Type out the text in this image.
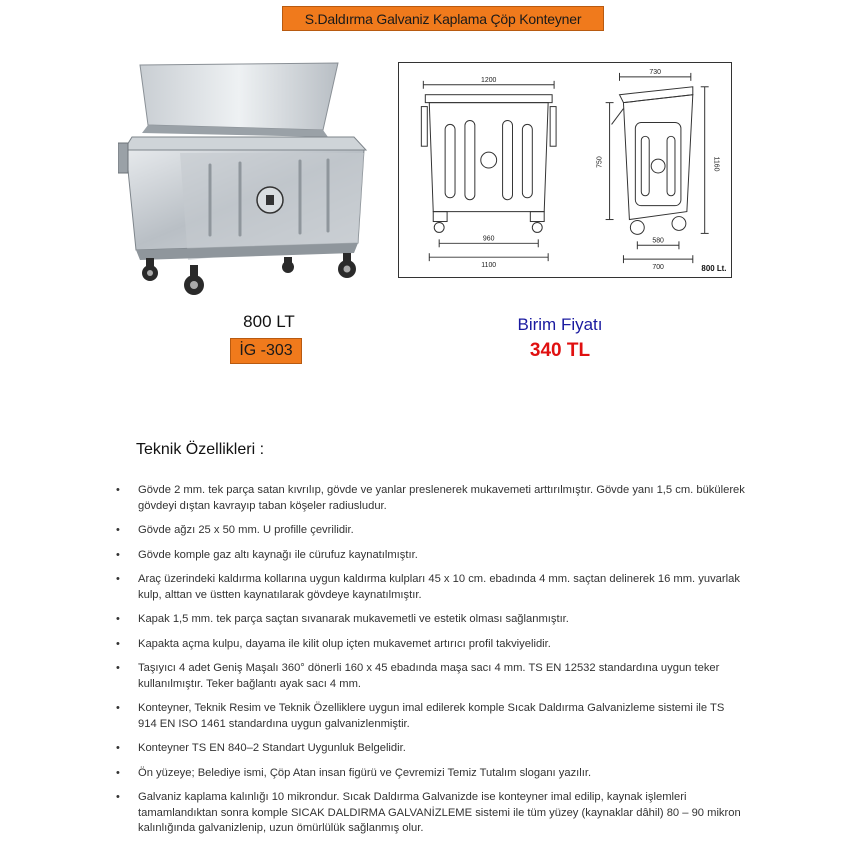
S.Daldırma Galvaniz Kaplama Çöp Konteyner
1200
960
1100
730
1160
750
580
700	800 Lt.
800 LT
İG -303
Birim Fiyatı
340 TL
Teknik Özellikleri :
• Gövde 2 mm. tek parça satan kıvrılıp, gövde ve yanlar preslenerek mukavemeti arttırılmıştır. Gövde yanı 1,5 cm. bükülerek gövdeyi dıştan kavrayıp taban köşeler radiusludur.
• Gövde ağzı 25 x 50 mm. U profille çevrilidir.
• Gövde komple gaz altı kaynağı ile cürufuz kaynatılmıştır.
• Araç üzerindeki kaldırma kollarına uygun kaldırma kulpları 45 x 10 cm. ebadında 4 mm. saçtan delinerek 16 mm. yuvarlak kulp, alttan ve üstten kaynatılarak gövdeye kaynatılmıştır.
• Kapak 1,5 mm. tek parça saçtan sıvanarak mukavemetli ve estetik olması sağlanmıştır.
• Kapakta açma kulpu, dayama ile kilit olup içten mukavemet artırıcı profil takviyelidir.
• Taşıyıcı 4 adet Geniş Maşalı 360° dönerli 160 x 45 ebadında maşa sacı 4 mm. TS EN 12532 standardına uygun teker kullanılmıştır. Teker bağlantı ayak sacı 4 mm.
• Konteyner, Teknik Resim ve Teknik Özelliklere uygun imal edilerek komple Sıcak Daldırma Galvanizleme sistemi ile TS 914 EN ISO 1461 standardına uygun galvanizlenmiştir.
• Konteyner TS EN 840–2 Standart Uygunluk Belgelidir.
• Ön yüzeye; Belediye ismi, Çöp Atan insan figürü ve Çevremizi Temiz Tutalım sloganı yazılır.
• Galvaniz kaplama kalınlığı 10 mikrondur. Sıcak Daldırma Galvanizde ise konteyner imal edilip, kaynak işlemleri tamamlandıktan sonra komple SICAK DALDIRMA GALVANİZLEME sistemi ile tüm yüzey (kaynaklar dâhil) 80 – 90 mikron kalınlığında galvanizlenip, uzun ömürlülük sağlanmış olur.
